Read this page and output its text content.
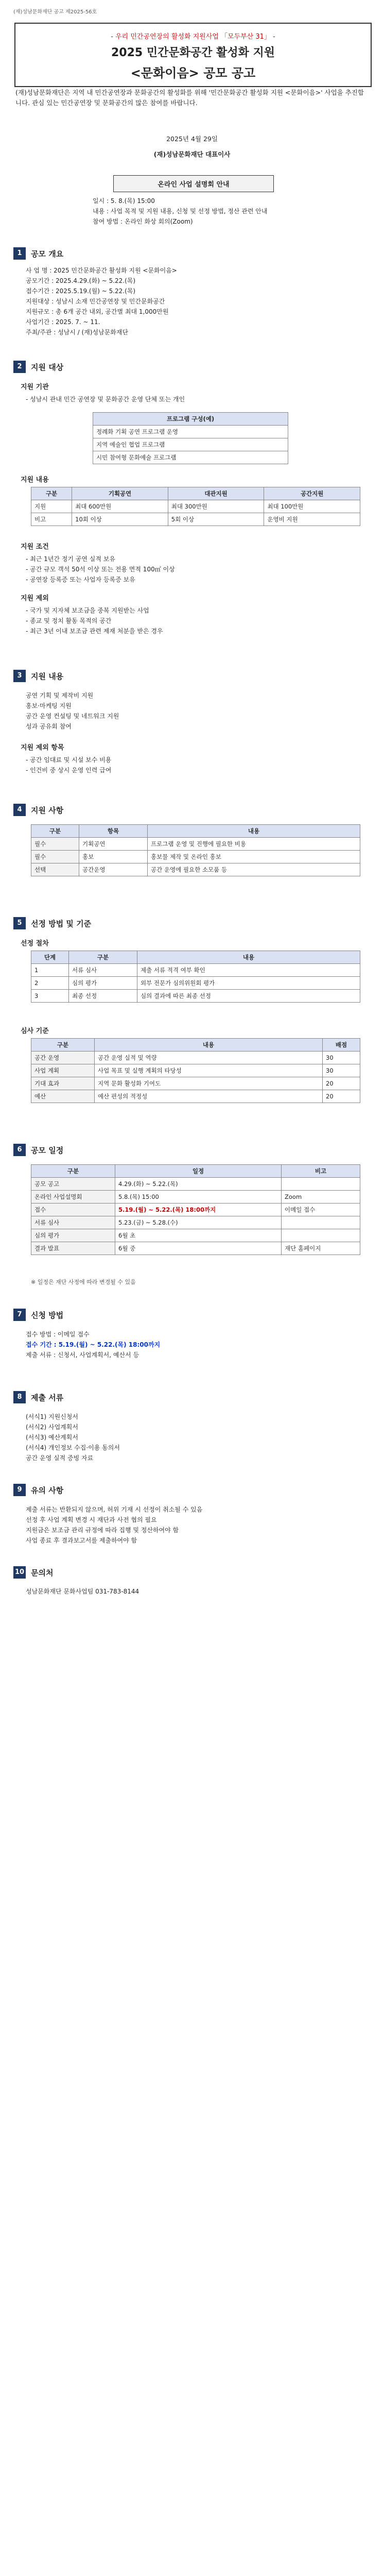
(재)성남문화재단 공고 제2025-56호
- 우리 민간공연장의 활성화 지원사업 「모두부산 31」 -
2025 민간문화공간 활성화 지원
<문화이음> 공모 공고
(재)성남문화재단은 지역 내 민간공연장과 문화공간의 활성화를 위해 '민간문화공간 활성화 지원 <문화이음>' 사업을 추진합니다. 관심 있는 민간공연장 및 문화공간의 많은 참여를 바랍니다.
2025년 4월 29일
(재)성남문화재단 대표이사
온라인 사업 설명회 안내
일시 : 5. 8.(목) 15:00
내용 : 사업 목적 및 지원 내용, 신청 및 선정 방법, 정산 관련 안내
참여 방법 : 온라인 화상 회의(Zoom)
1	공모 개요
사 업 명 : 2025 민간문화공간 활성화 지원 <문화이음>
공모기간 : 2025.4.29.(화) ~ 5.22.(목)
접수기간 : 2025.5.19.(월) ~ 5.22.(목)
지원대상 : 성남시 소재 민간공연장 및 민간문화공간
지원규모 : 총 6개 공간 내외, 공간별 최대 1,000만원
사업기간 : 2025. 7. ~ 11.
주최/주관 : 성남시 / (재)성남문화재단
2	지원 대상
지원 기관
- 성남시 관내 민간 공연장 및 문화공간 운영 단체 또는 개인
프로그램 구성(예)
정례화 기획 공연 프로그램 운영
지역 예술인 협업 프로그램
시민 참여형 문화예술 프로그램
지원 내용
구분	기획공연	대관지원	공간지원
지원	최대 600만원	최대 300만원	최대 100만원
비고	10회 이상	5회 이상	운영비 지원
지원 조건
- 최근 1년간 정기 공연 실적 보유
- 공간 규모 객석 50석 이상 또는 전용 면적 100㎡ 이상
- 공연장 등록증 또는 사업자 등록증 보유
지원 제외
- 국가 및 지자체 보조금을 중복 지원받는 사업
- 종교 및 정치 활동 목적의 공간
- 최근 3년 이내 보조금 관련 제재 처분을 받은 경우
3	지원 내용
공연 기획 및 제작비 지원
홍보·마케팅 지원
공간 운영 컨설팅 및 네트워크 지원
성과 공유회 참여
지원 제외 항목
- 공간 임대료 및 시설 보수 비용
- 인건비 중 상시 운영 인력 급여
4	지원 사항
구분	항목	내용
필수	기획공연	프로그램 운영 및 진행에 필요한 비용
필수	홍보	홍보물 제작 및 온라인 홍보
선택	공간운영	공간 운영에 필요한 소모품 등
5	선정 방법 및 기준
선정 절차
단계	구분	내용
1	서류 심사	제출 서류 적격 여부 확인
2	심의 평가	외부 전문가 심의위원회 평가
3	최종 선정	심의 결과에 따른 최종 선정
심사 기준
구분	내용	배점
공간 운영	공간 운영 실적 및 역량	30
사업 계획	사업 목표 및 실행 계획의 타당성	30
기대 효과	지역 문화 활성화 기여도	20
예산	예산 편성의 적정성	20
6	공모 일정
구분	일정	비고
공모 공고	4.29.(화) ~ 5.22.(목)	
온라인 사업설명회	5.8.(목) 15:00	Zoom
접수	5.19.(월) ~ 5.22.(목) 18:00까지	이메일 접수
서류 심사	5.23.(금) ~ 5.28.(수)	
심의 평가	6월 초	
결과 발표	6월 중	재단 홈페이지
※ 일정은 재단 사정에 따라 변경될 수 있음
7	신청 방법
접수 방법 : 이메일 접수
접수 기간 : 5.19.(월) ~ 5.22.(목) 18:00까지
제출 서류 : 신청서, 사업계획서, 예산서 등
8	제출 서류
(서식1) 지원신청서
(서식2) 사업계획서
(서식3) 예산계획서
(서식4) 개인정보 수집·이용 동의서
공간 운영 실적 증빙 자료
9	유의 사항
제출 서류는 반환되지 않으며, 허위 기재 시 선정이 취소될 수 있음
선정 후 사업 계획 변경 시 재단과 사전 협의 필요
지원금은 보조금 관리 규정에 따라 집행 및 정산하여야 함
사업 종료 후 결과보고서를 제출하여야 함
10 문의처
성남문화재단 문화사업팀 031-783-8144
